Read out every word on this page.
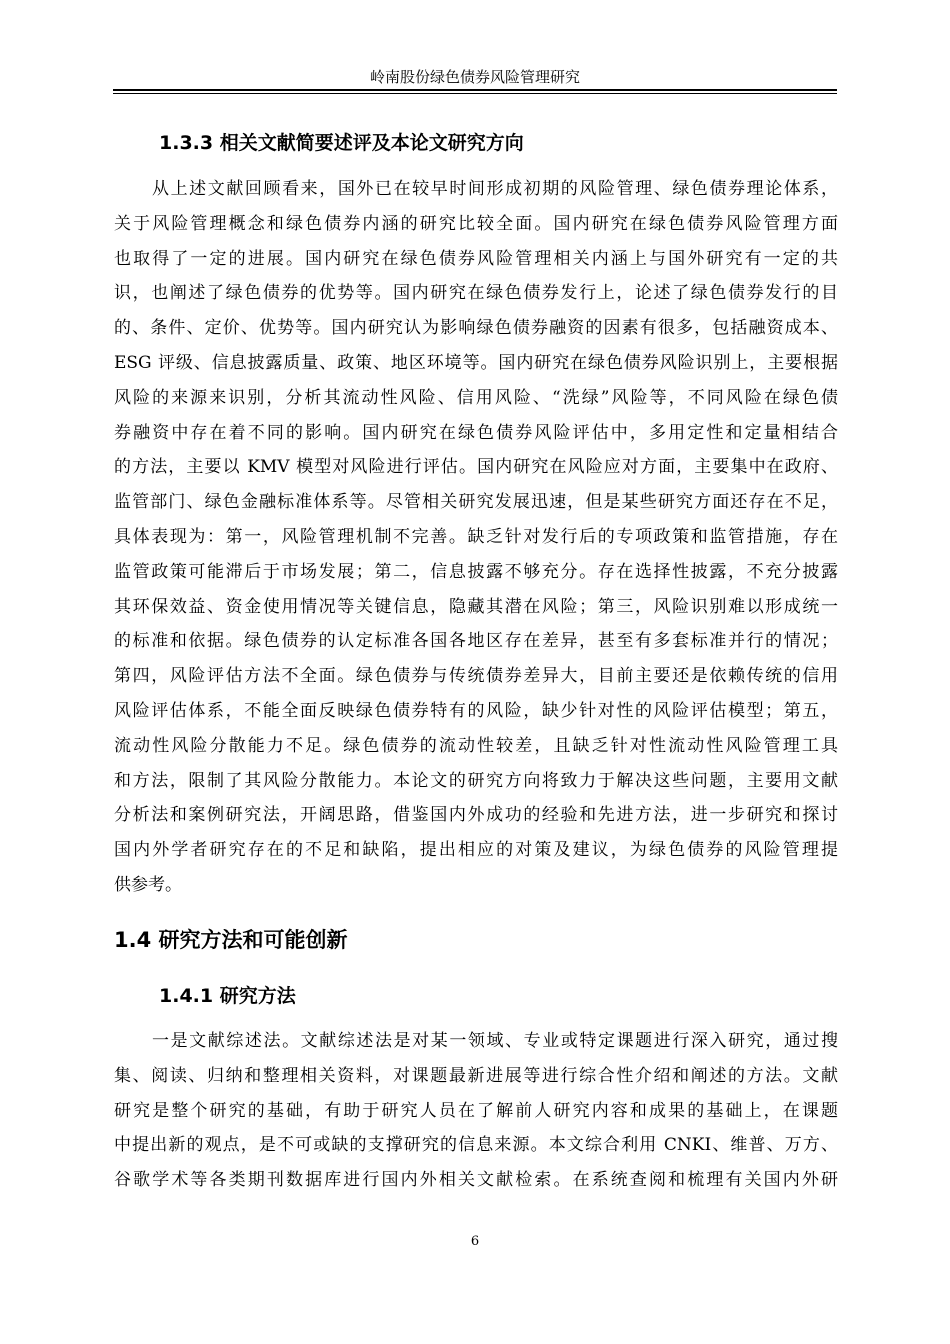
岭南股份绿色债券风险管理研究
1.3.3 相关文献简要述评及本论文研究方向
从上述文献回顾看来，国外已在较早时间形成初期的风险管理、绿色债券理论体系，
关于风险管理概念和绿色债券内涵的研究比较全面。国内研究在绿色债券风险管理方面
也取得了一定的进展。国内研究在绿色债券风险管理相关内涵上与国外研究有一定的共
识，也阐述了绿色债券的优势等。国内研究在绿色债券发行上，论述了绿色债券发行的目
的、条件、定价、优势等。国内研究认为影响绿色债券融资的因素有很多，包括融资成本、
ESG 评级、信息披露质量、政策、地区环境等。国内研究在绿色债券风险识别上，主要根据
风险的来源来识别，分析其流动性风险、信用风险、“洗绿”风险等，不同风险在绿色债
券融资中存在着不同的影响。国内研究在绿色债券风险评估中，多用定性和定量相结合
的方法，主要以 KMV 模型对风险进行评估。国内研究在风险应对方面，主要集中在政府、
监管部门、绿色金融标准体系等。尽管相关研究发展迅速，但是某些研究方面还存在不足，
具体表现为：第一，风险管理机制不完善。缺乏针对发行后的专项政策和监管措施，存在
监管政策可能滞后于市场发展；第二，信息披露不够充分。存在选择性披露，不充分披露
其环保效益、资金使用情况等关键信息，隐藏其潜在风险；第三，风险识别难以形成统一
的标准和依据。绿色债券的认定标准各国各地区存在差异，甚至有多套标准并行的情况；
第四，风险评估方法不全面。绿色债券与传统债券差异大，目前主要还是依赖传统的信用
风险评估体系，不能全面反映绿色债券特有的风险，缺少针对性的风险评估模型；第五，
流动性风险分散能力不足。绿色债券的流动性较差，且缺乏针对性流动性风险管理工具
和方法，限制了其风险分散能力。本论文的研究方向将致力于解决这些问题，主要用文献
分析法和案例研究法，开阔思路，借鉴国内外成功的经验和先进方法，进一步研究和探讨
国内外学者研究存在的不足和缺陷，提出相应的对策及建议，为绿色债券的风险管理提
供参考。
1.4 研究方法和可能创新
1.4.1 研究方法
一是文献综述法。文献综述法是对某一领域、专业或特定课题进行深入研究，通过搜
集、阅读、归纳和整理相关资料，对课题最新进展等进行综合性介绍和阐述的方法。文献
研究是整个研究的基础，有助于研究人员在了解前人研究内容和成果的基础上，在课题
中提出新的观点，是不可或缺的支撑研究的信息来源。本文综合利用 CNKI、维普、万方、
谷歌学术等各类期刊数据库进行国内外相关文献检索。在系统查阅和梳理有关国内外研
6
